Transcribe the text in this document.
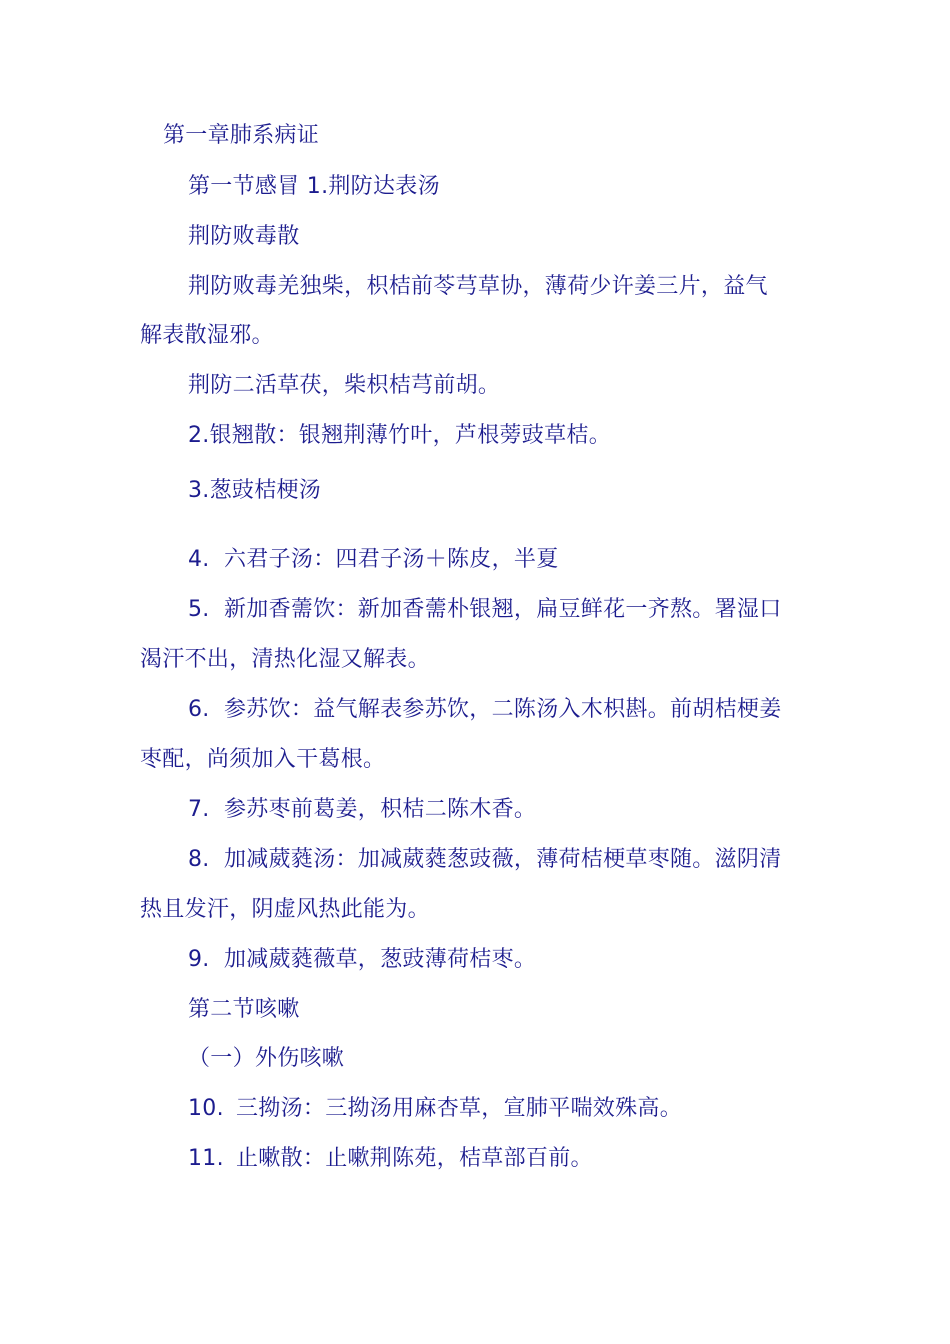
第一章肺系病证
第一节感冒 1.荆防达表汤
荆防败毒散
荆防败毒羌独柴，枳桔前苓芎草协，薄荷少许姜三片，益气
解表散湿邪。
荆防二活草茯，柴枳桔芎前胡。
2.银翘散：银翘荆薄竹叶，芦根蒡豉草桔。
3.葱豉桔梗汤
4. 六君子汤：四君子汤＋陈皮，半夏
5. 新加香薷饮：新加香薷朴银翘，扁豆鲜花一齐熬。署湿口
渴汗不出，清热化湿又解表。
6. 参苏饮：益气解表参苏饮，二陈汤入木枳斟。前胡桔梗姜
枣配，尚须加入干葛根。
7. 参苏枣前葛姜，枳桔二陈木香。
8. 加减葳蕤汤：加减葳蕤葱豉薇，薄荷桔梗草枣随。滋阴清
热且发汗，阴虚风热此能为。
9. 加减葳蕤薇草，葱豉薄荷桔枣。
第二节咳嗽
（一）外伤咳嗽
10. 三拗汤：三拗汤用麻杏草，宣肺平喘效殊高。
11. 止嗽散：止嗽荆陈苑，桔草部百前。
